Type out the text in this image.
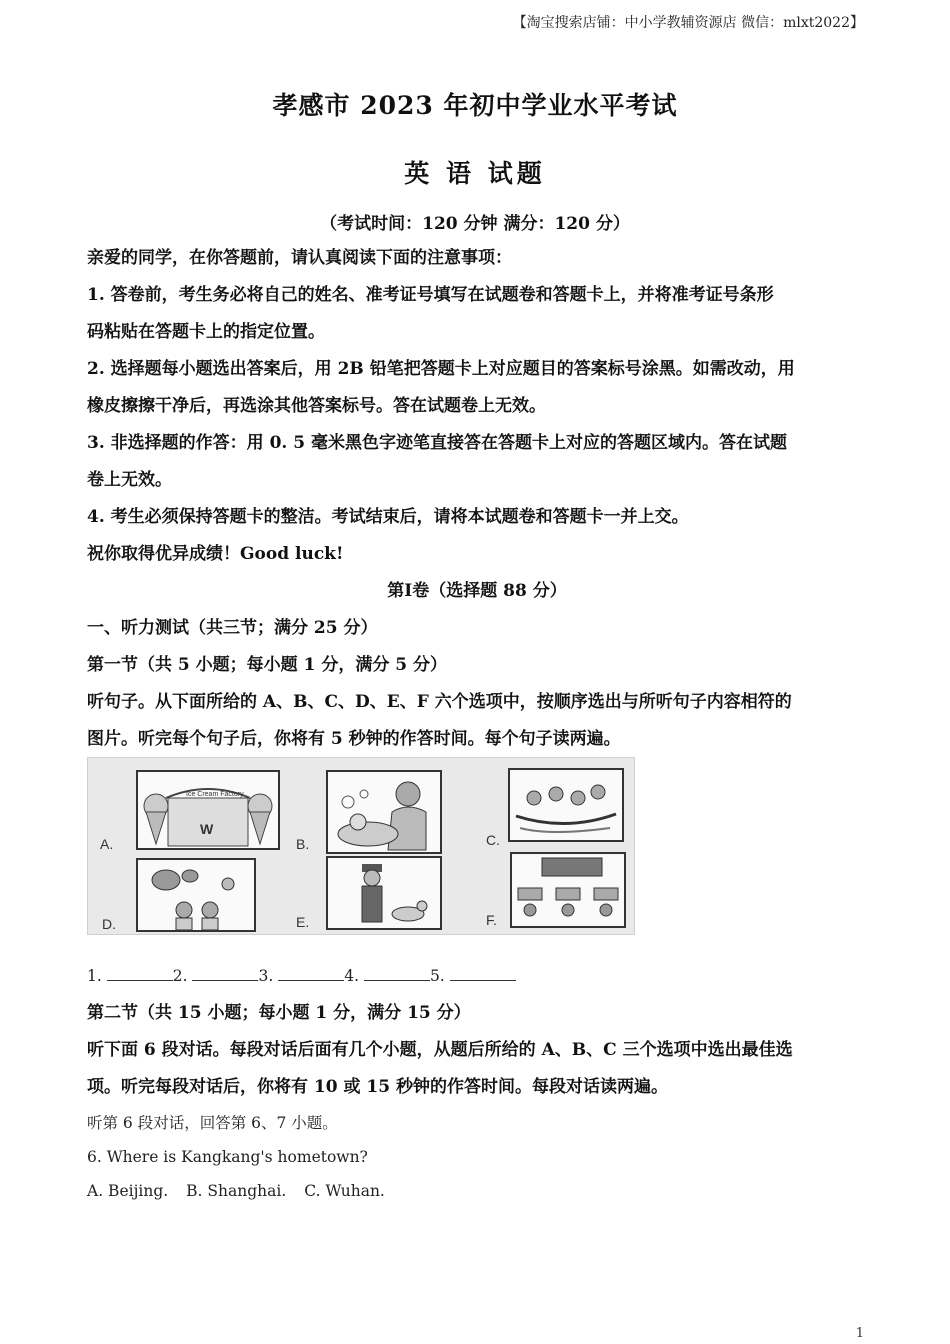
【淘宝搜索店铺：中小学教辅资源店 微信：mlxt2022】
孝感市 2023 年初中学业水平考试
英 语 试题
（考试时间：120 分钟 满分：120 分）

亲爱的同学，在你答题前，请认真阅读下面的注意事项：

1. 答卷前，考生务必将自己的姓名、准考证号填写在试题卷和答题卡上，并将准考证号条形

码粘贴在答题卡上的指定位置。

2. 选择题每小题选出答案后，用 2B 铅笔把答题卡上对应题目的答案标号涂黑。如需改动，用

橡皮擦擦干净后，再选涂其他答案标号。答在试题卷上无效。

3. 非选择题的作答：用 0. 5 毫米黑色字迹笔直接答在答题卡上对应的答题区域内。答在试题

卷上无效。

4. 考生必须保持答题卡的整洁。考试结束后，请将本试题卷和答题卡一并上交。

祝你取得优异成绩！Good luck!

第Ⅰ卷（选择题 88 分）

一、听力测试（共三节；满分 25 分）

第一节（共 5 小题；每小题 1 分，满分 5 分）

听句子。从下面所给的 A、B、C、D、E、F 六个选项中，按顺序选出与所听句子内容相符的

图片。听完每个句子后，你将有 5 秒钟的作答时间。每个句子读两遍。

Ice Cream Factory
W
A.	B.	C.
D.	E.	F.
1.	2.	3.	4.	5.

第二节（共 15 小题；每小题 1 分，满分 15 分）

听下面 6 段对话。每段对话后面有几个小题，从题后所给的 A、B、C 三个选项中选出最佳选

项。听完每段对话后，你将有 10 或 15 秒钟的作答时间。每段对话读两遍。

听第 6 段对话，回答第 6、7 小题。

6. Where is Kangkang's hometown?

A. Beijing. B. Shanghai. C. Wuhan.

1
